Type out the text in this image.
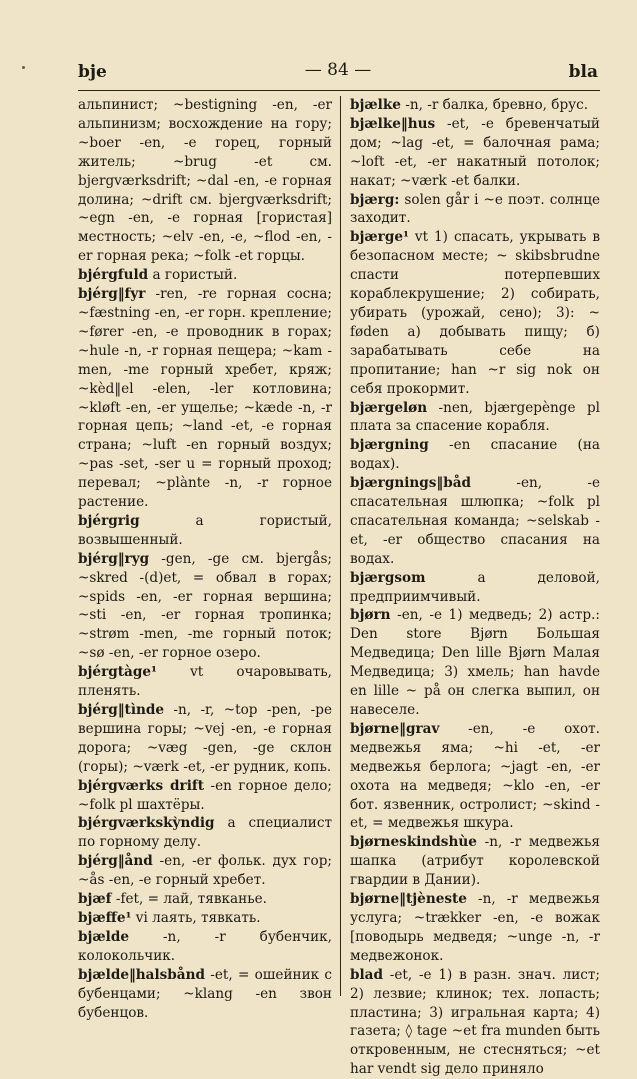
bje	— 84 —	bla

альпинист; ~bestigning -en, -er альпинизм; восхождение на гору; ~boer -en, -e горец, горный житель; ~brug -et см. bjergværksdrift; ~dal -en, -e горная долина; ~drift см. bjergværksdrift; ~egn -en, -e горная [гористая] местность; ~elv -en, -e, ~flod -en, -er горная река; ~folk -et горцы.

bjérgfuld a гористый.

bjérg‖fyr -ren, -re горная сосна; ~fæstning -en, -er горн. крепление; ~fører -en, -e проводник в горах; ~hule -n, -r горная пещера; ~kam -men, -me горный хребет, кряж; ~kèd‖el -elen, -ler котловина; ~kløft -en, -er ущелье; ~kæde -n, -r горная цепь; ~land -et, -e горная страна; ~luft -en горный воздух; ~pas -set, -ser u = горный проход; перевал; ~plànte -n, -r горное растение.

bjérgrig a гористый, возвышенный.

bjérg‖ryg -gen, -ge см. bjergås; ~skred -(d)et, = обвал в горах; ~spids -en, -er горная вершина; ~sti -en, -er горная тропинка; ~strøm -men, -me горный поток; ~sø -en, -er горное озеро.

bjérgtàge¹ vt очаровывать, пленять.

bjérg‖tìnde -n, -r, ~top -pen, -pe вершина горы; ~vej -en, -e горная дорога; ~væg -gen, -ge склон (горы); ~værk -et, -er рудник, копь.

bjérgværks drift -en горное дело; ~folk pl шахтёры.

bjérgværkskỳndig a специалист по горному делу.

bjérg‖ånd -en, -er фольк. дух гор; ~ås -en, -e горный хребет.

bjæf -fet, = лай, тявканье.

bjæffe¹ vi лаять, тявкать.

bjælde -n, -r бубенчик, колокольчик.

bjælde‖halsbånd -et, = ошейник с бубенцами; ~klang -en звон бубенцов.

bjælke -n, -r балка, бревно, брус.

bjælke‖hus -et, -e бревенчатый дом; ~lag -et, = балочная рама; ~loft -et, -er накатный потолок; накат; ~værk -et балки.

bjærg: solen går i ~e поэт. солнце заходит.

bjærge¹ vt 1) спасать, укрывать в безопасном месте; ~ skibsbrudne спасти потерпевших кораблекрушение; 2) собирать, убирать (урожай, сено); 3): ~ føden а) добывать пищу; б) зарабатывать себе на пропитание; han ~r sig nok он себя прокормит.

bjærgeløn -nen, bjærgepènge pl плата за спасение корабля.

bjærgning -en спасание (на водах).

bjærgnings‖båd -en, -e спасательная шлюпка; ~folk pl спасательная команда; ~selskab -et, -er общество спасания на водах.

bjærgsom a деловой, предприимчивый.

bjørn -en, -e 1) медведь; 2) астр.: Den store Bjørn Большая Медведица; Den lille Bjørn Малая Медведица; 3) хмель; han havde en lille ~ på он слегка выпил, он навеселе.

bjørne‖grav -en, -e охот. медвежья яма; ~hi -et, -er медвежья берлога; ~jagt -en, -er охота на медведя; ~klo -en, -er бот. язвенник, остролист; ~skind -et, = медвежья шкура.

bjørneskindshùe -n, -r медвежья шапка (атрибут королевской гвардии в Дании).

bjørne‖tjèneste -n, -r медвежья услуга; ~trækker -en, -e вожак [поводырь медведя; ~unge -n, -r медвежонок.

blad -et, -e 1) в разн. знач. лист; 2) лезвие; клинок; тех. лопасть; пластина; 3) игральная карта; 4) газета; ◊ tage ~et fra munden быть откровенным, не стесняться; ~et har vendt sig дело приняло
